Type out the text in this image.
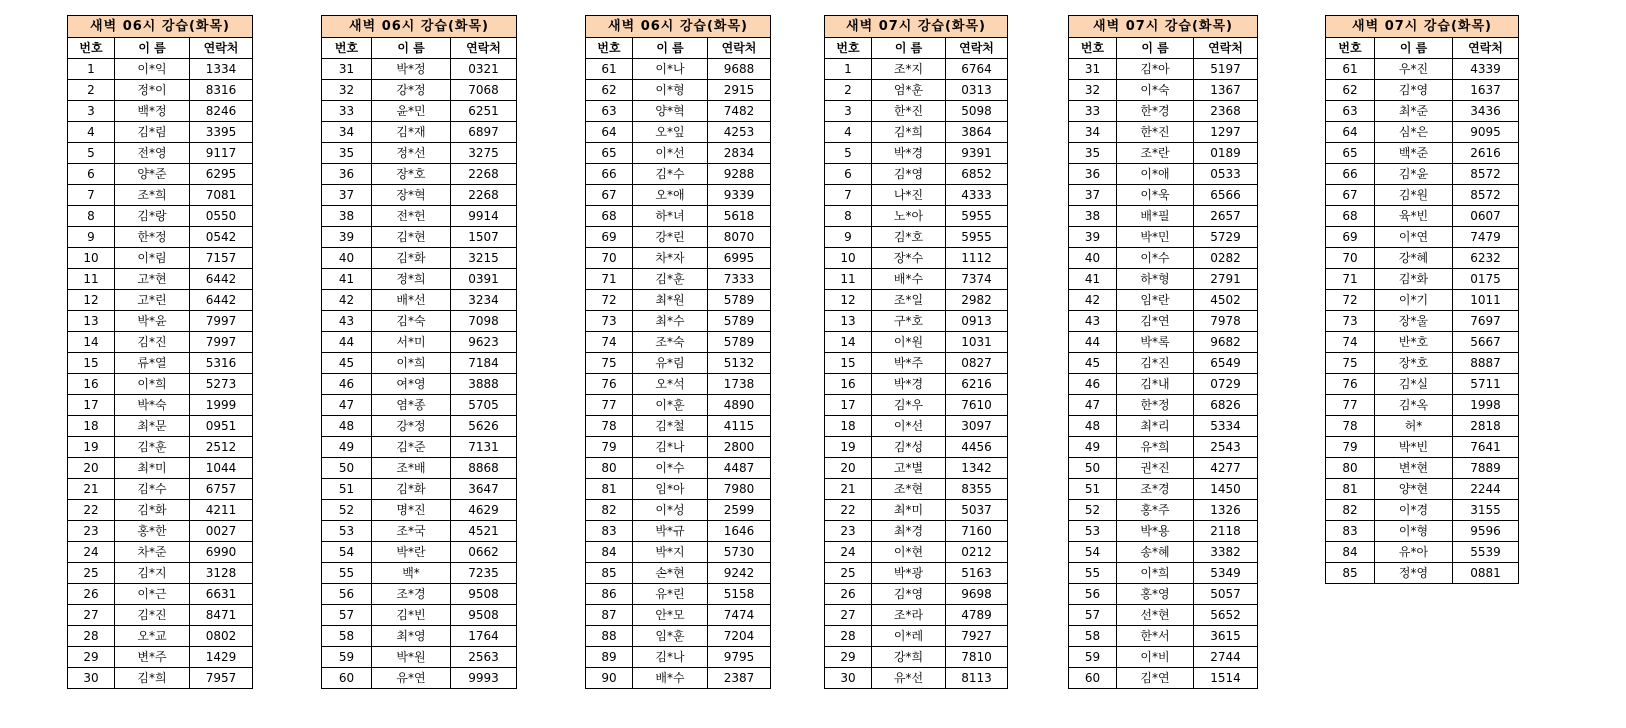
새벽 06시 강습(화목)		
번호	이 름	연락처
1	이*익	1334
2	정*이	8316
3	백*정	8246
4	김*림	3395
5	전*영	9117
6	양*준	6295
7	조*희	7081
8	김*랑	0550
9	한*정	0542
10	이*림	7157
11	고*현	6442
12	고*린	6442
13	박*윤	7997
14	김*진	7997
15	류*열	5316
16	이*희	5273
17	박*숙	1999
18	최*문	0951
19	김*훈	2512
20	최*미	1044
21	김*수	6757
22	김*화	4211
23	홍*한	0027
24	차*준	6990
25	김*지	3128
26	이*근	6631
27	김*진	8471
28	오*교	0802
29	변*주	1429
30	김*희	7957
새벽 06시 강습(화목)		
번호	이 름	연락처
31	박*정	0321
32	강*정	7068
33	윤*민	6251
34	김*재	6897
35	정*선	3275
36	장*호	2268
37	장*혁	2268
38	전*헌	9914
39	김*현	1507
40	김*화	3215
41	정*희	0391
42	배*선	3234
43	김*숙	7098
44	서*미	9623
45	이*희	7184
46	여*영	3888
47	염*종	5705
48	강*정	5626
49	김*준	7131
50	조*배	8868
51	김*화	3647
52	명*진	4629
53	조*국	4521
54	박*란	0662
55	백*	7235
56	조*경	9508
57	김*빈	9508
58	최*영	1764
59	박*원	2563
60	유*연	9993
새벽 06시 강습(화목)		
번호	이 름	연락처
61	이*나	9688
62	이*형	2915
63	양*혁	7482
64	오*잎	4253
65	이*선	2834
66	김*수	9288
67	오*애	9339
68	하*녀	5618
69	강*린	8070
70	차*자	6995
71	김*훈	7333
72	최*원	5789
73	최*수	5789
74	조*숙	5789
75	유*림	5132
76	오*석	1738
77	이*훈	4890
78	김*철	4115
79	김*나	2800
80	이*수	4487
81	임*아	7980
82	이*성	2599
83	박*규	1646
84	박*지	5730
85	손*현	9242
86	유*린	5158
87	안*모	7474
88	임*훈	7204
89	김*나	9795
90	배*수	2387
새벽 07시 강습(화목)		
번호	이 름	연락처
1	조*지	6764
2	엄*훈	0313
3	한*진	5098
4	김*희	3864
5	박*경	9391
6	김*영	6852
7	나*진	4333
8	노*아	5955
9	김*호	5955
10	장*수	1112
11	배*수	7374
12	조*일	2982
13	구*호	0913
14	이*원	1031
15	박*주	0827
16	박*경	6216
17	김*우	7610
18	이*선	3097
19	김*성	4456
20	고*별	1342
21	조*현	8355
22	최*미	5037
23	최*경	7160
24	이*현	0212
25	박*광	5163
26	김*영	9698
27	조*라	4789
28	이*레	7927
29	강*희	7810
30	유*선	8113
새벽 07시 강습(화목)		
번호	이 름	연락처
31	김*아	5197
32	이*숙	1367
33	한*경	2368
34	한*진	1297
35	조*란	0189
36	이*애	0533
37	이*욱	6566
38	배*필	2657
39	박*민	5729
40	이*수	0282
41	하*형	2791
42	임*란	4502
43	김*연	7978
44	박*록	9682
45	김*진	6549
46	김*내	0729
47	한*정	6826
48	최*리	5334
49	유*희	2543
50	권*진	4277
51	조*경	1450
52	홍*주	1326
53	박*용	2118
54	송*혜	3382
55	이*희	5349
56	홍*영	5057
57	선*현	5652
58	한*서	3615
59	이*비	2744
60	김*연	1514
새벽 07시 강습(화목)		
번호	이 름	연락처
61	우*진	4339
62	김*영	1637
63	최*준	3436
64	심*은	9095
65	백*준	2616
66	김*윤	8572
67	김*원	8572
68	육*빈	0607
69	이*연	7479
70	강*혜	6232
71	김*화	0175
72	이*기	1011
73	장*울	7697
74	반*호	5667
75	장*호	8887
76	김*실	5711
77	김*옥	1998
78	허*	2818
79	박*빈	7641
80	변*현	7889
81	양*현	2244
82	이*경	3155
83	이*형	9596
84	유*아	5539
85	정*영	0881
